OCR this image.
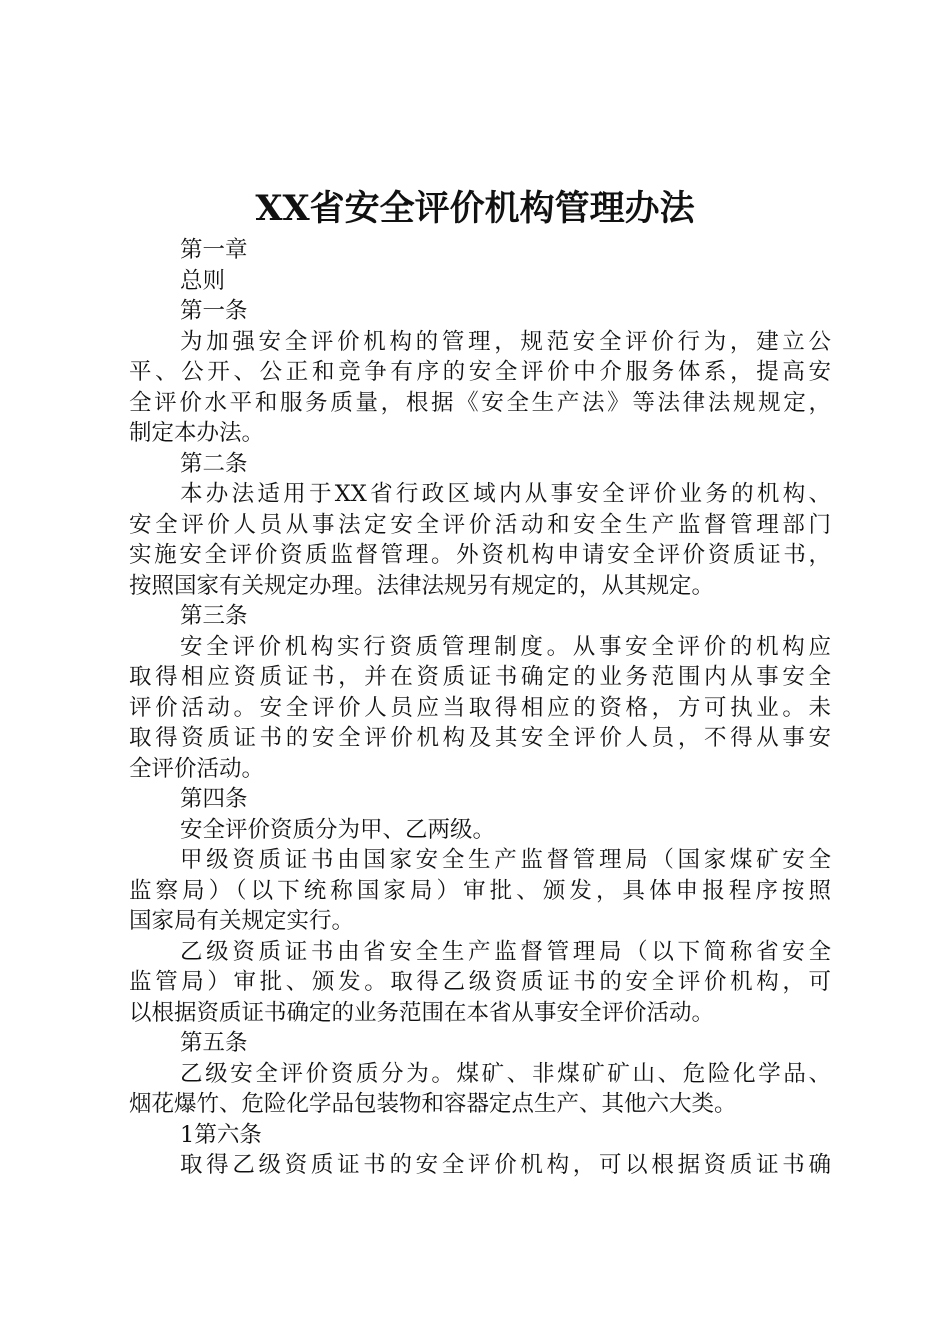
XX省安全评价机构管理办法
第一章
总则
第一条
为加强安全评价机构的管理，规范安全评价行为，建立公
平、公开、公正和竞争有序的安全评价中介服务体系，提高安
全评价水平和服务质量，根据《安全生产法》等法律法规规定，
制定本办法。
第二条
本办法适用于XX省行政区域内从事安全评价业务的机构、
安全评价人员从事法定安全评价活动和安全生产监督管理部门
实施安全评价资质监督管理。外资机构申请安全评价资质证书，
按照国家有关规定办理。法律法规另有规定的，从其规定。
第三条
安全评价机构实行资质管理制度。从事安全评价的机构应
取得相应资质证书，并在资质证书确定的业务范围内从事安全
评价活动。安全评价人员应当取得相应的资格，方可执业。未
取得资质证书的安全评价机构及其安全评价人员，不得从事安
全评价活动。
第四条
安全评价资质分为甲、乙两级。
甲级资质证书由国家安全生产监督管理局（国家煤矿安全
监察局）（以下统称国家局）审批、颁发，具体申报程序按照
国家局有关规定实行。
乙级资质证书由省安全生产监督管理局（以下简称省安全
监管局）审批、颁发。取得乙级资质证书的安全评价机构，可
以根据资质证书确定的业务范围在本省从事安全评价活动。
第五条
乙级安全评价资质分为。煤矿、非煤矿矿山、危险化学品、
烟花爆竹、危险化学品包装物和容器定点生产、其他六大类。
1第六条
取得乙级资质证书的安全评价机构，可以根据资质证书确
